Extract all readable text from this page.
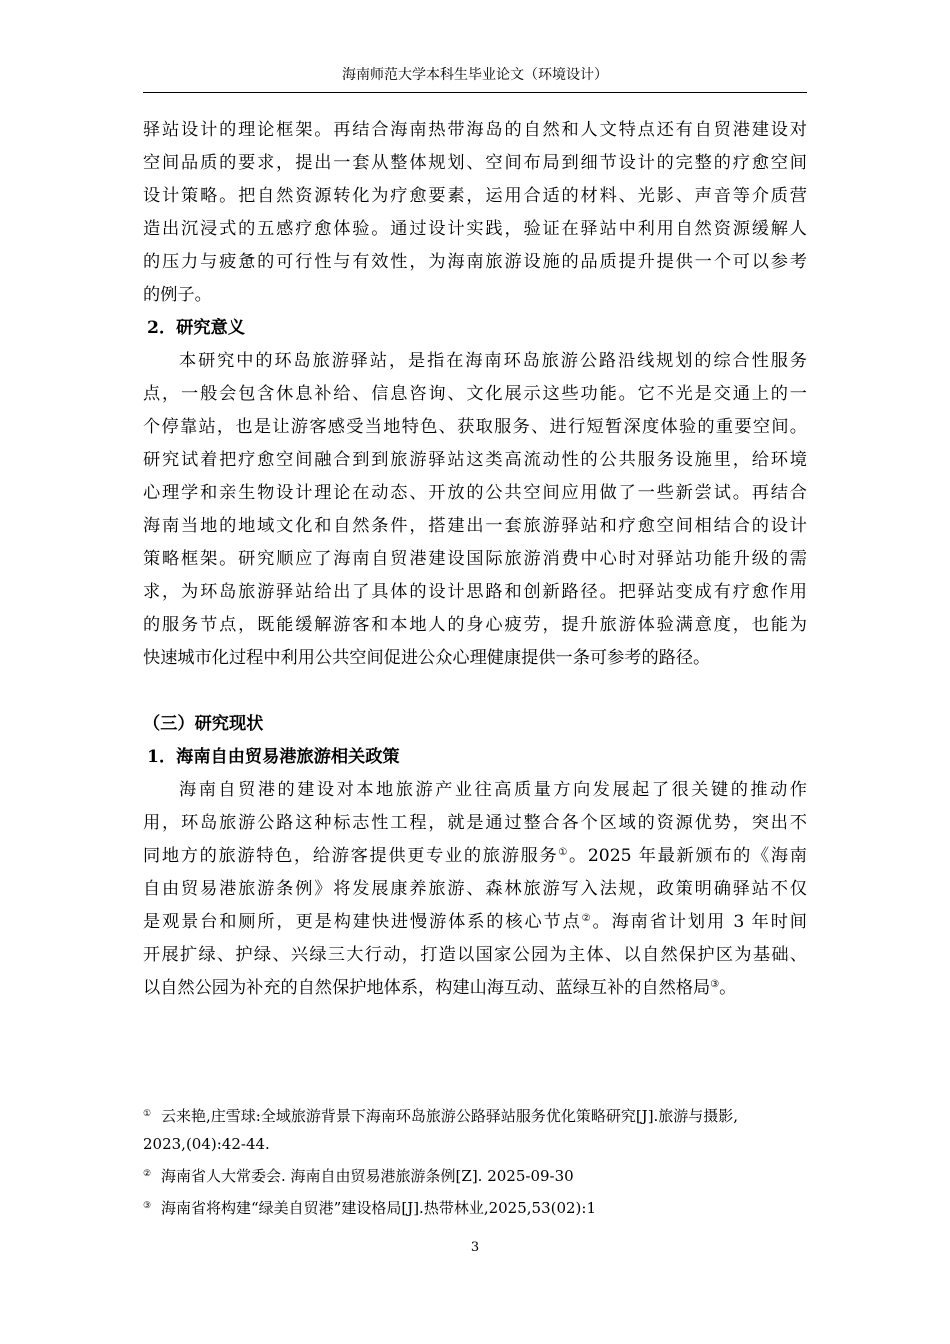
海南师范大学本科生毕业论文（环境设计）
驿站设计的理论框架。再结合海南热带海岛的自然和人文特点还有自贸港建设对
空间品质的要求，提出一套从整体规划、空间布局到细节设计的完整的疗愈空间
设计策略。把自然资源转化为疗愈要素，运用合适的材料、光影、声音等介质营
造出沉浸式的五感疗愈体验。通过设计实践，验证在驿站中利用自然资源缓解人
的压力与疲惫的可行性与有效性，为海南旅游设施的品质提升提供一个可以参考
的例子。
2．研究意义
本研究中的环岛旅游驿站，是指在海南环岛旅游公路沿线规划的综合性服务
点，一般会包含休息补给、信息咨询、文化展示这些功能。它不光是交通上的一
个停靠站，也是让游客感受当地特色、获取服务、进行短暂深度体验的重要空间。
研究试着把疗愈空间融合到到旅游驿站这类高流动性的公共服务设施里，给环境
心理学和亲生物设计理论在动态、开放的公共空间应用做了一些新尝试。再结合
海南当地的地域文化和自然条件，搭建出一套旅游驿站和疗愈空间相结合的设计
策略框架。研究顺应了海南自贸港建设国际旅游消费中心时对驿站功能升级的需
求，为环岛旅游驿站给出了具体的设计思路和创新路径。把驿站变成有疗愈作用
的服务节点，既能缓解游客和本地人的身心疲劳，提升旅游体验满意度，也能为
快速城市化过程中利用公共空间促进公众心理健康提供一条可参考的路径。
（三）研究现状
1．海南自由贸易港旅游相关政策
海南自贸港的建设对本地旅游产业往高质量方向发展起了很关键的推动作
用，环岛旅游公路这种标志性工程，就是通过整合各个区域的资源优势，突出不
同地方的旅游特色，给游客提供更专业的旅游服务①。2025 年最新颁布的《海南
自由贸易港旅游条例》将发展康养旅游、森林旅游写入法规，政策明确驿站不仅
是观景台和厕所，更是构建快进慢游体系的核心节点②。海南省计划用 3 年时间
开展扩绿、护绿、兴绿三大行动，打造以国家公园为主体、以自然保护区为基础、
以自然公园为补充的自然保护地体系，构建山海互动、蓝绿互补的自然格局③。
① 云来艳,庄雪球:全域旅游背景下海南环岛旅游公路驿站服务优化策略研究[J].旅游与摄影,
2023,(04):42-44.
② 海南省人大常委会. 海南自由贸易港旅游条例[Z]. 2025-09-30
③ 海南省将构建“绿美自贸港”建设格局[J].热带林业,2025,53(02):1
3
